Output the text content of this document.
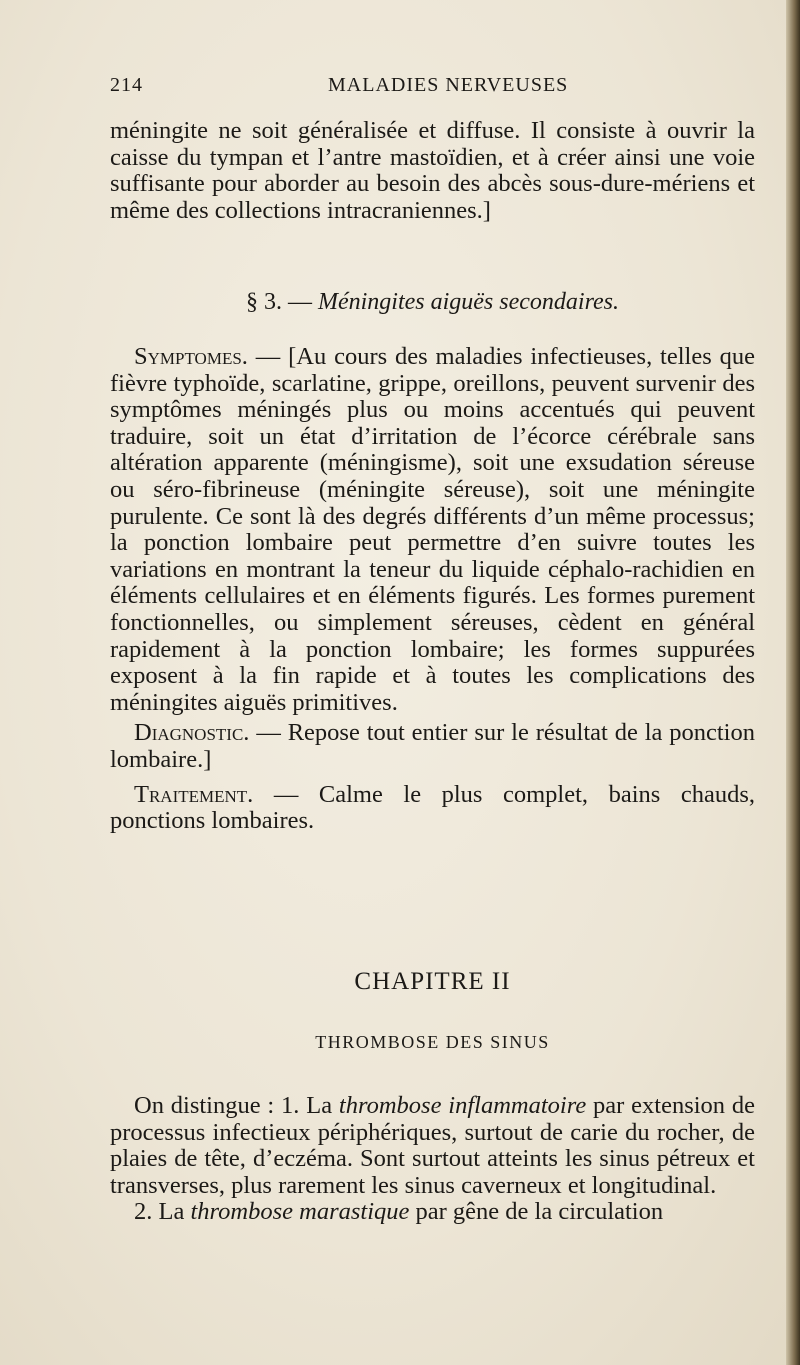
214	MALADIES NERVEUSES

méningite ne soit généralisée et diffuse. Il consiste à ouvrir la caisse du tympan et l’antre mastoïdien, et à créer ainsi une voie suffisante pour aborder au besoin des abcès sous-dure-mériens et même des collections intracraniennes.]

§ 3. — Méningites aiguës secondaires.

Symptomes. — [Au cours des maladies infectieuses, telles que fièvre typhoïde, scarlatine, grippe, oreillons, peuvent survenir des symptômes méningés plus ou moins accentués qui peuvent traduire, soit un état d’irritation de l’écorce cérébrale sans altération apparente (méningisme), soit une exsudation séreuse ou séro-fibrineuse (méningite séreuse), soit une méningite purulente. Ce sont là des degrés différents d’un même processus; la ponction lombaire peut permettre d’en suivre toutes les variations en montrant la teneur du liquide céphalo-rachidien en éléments cellulaires et en éléments figurés. Les formes purement fonctionnelles, ou simplement séreuses, cèdent en général rapidement à la ponction lombaire; les formes suppurées exposent à la fin rapide et à toutes les complications des méningites aiguës primitives.

Diagnostic. — Repose tout entier sur le résultat de la ponction lombaire.]

Traitement. — Calme le plus complet, bains chauds, ponctions lombaires.

CHAPITRE II
THROMBOSE DES SINUS

On distingue : 1. La thrombose inflammatoire par extension de processus infectieux périphériques, surtout de carie du rocher, de plaies de tête, d’eczéma. Sont surtout atteints les sinus pétreux et transverses, plus rarement les sinus caverneux et longitudinal.

2. La thrombose marastique par gêne de la circulation
